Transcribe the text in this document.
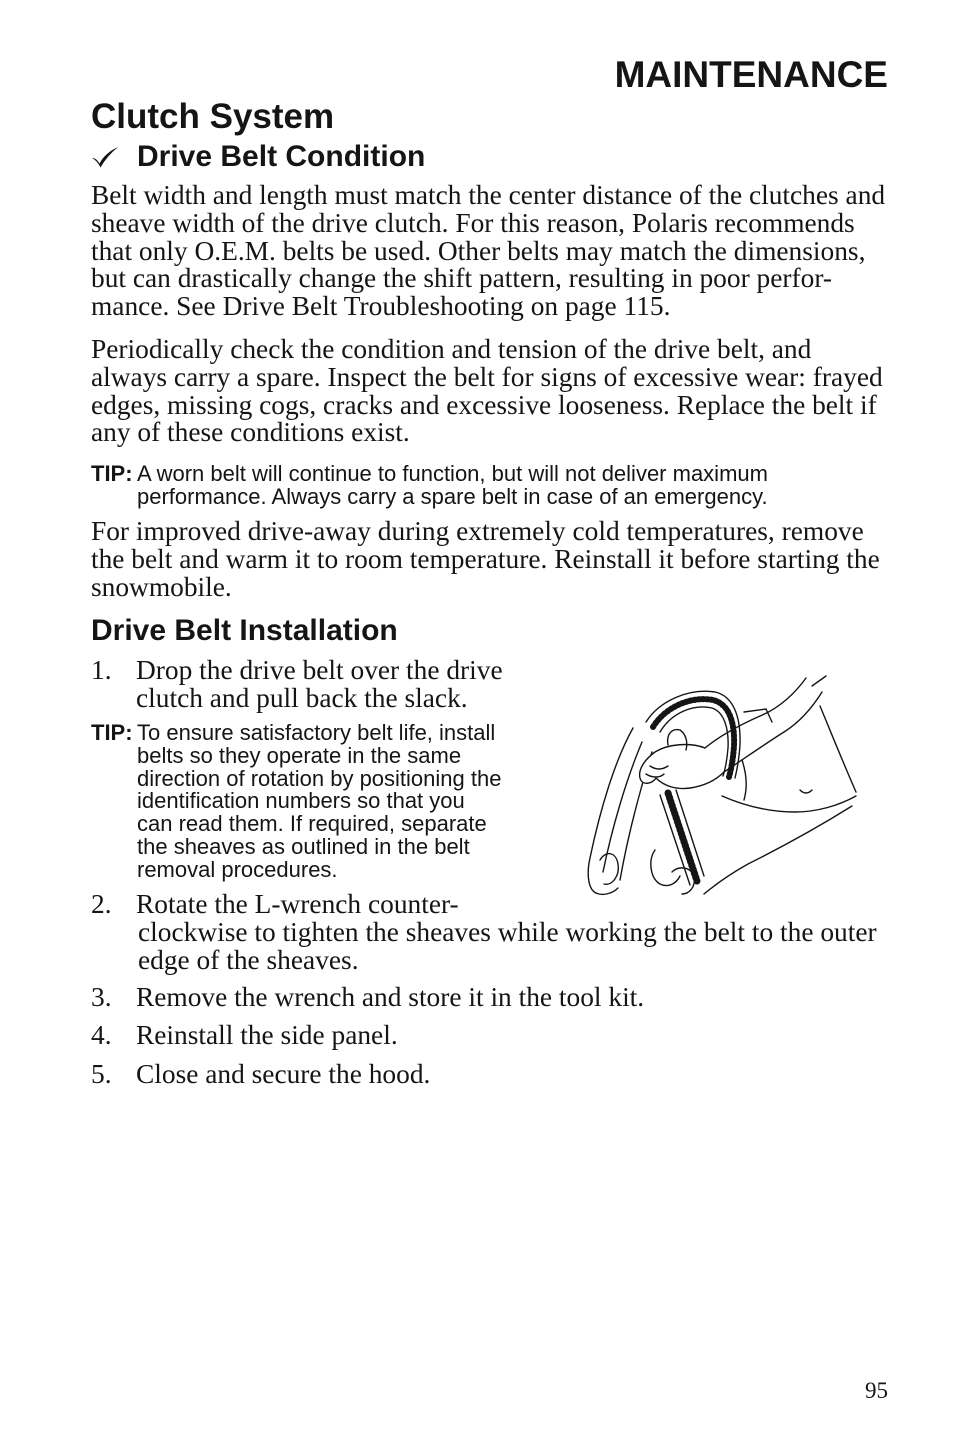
MAINTENANCE
Clutch System
Drive Belt Condition
Belt width and length must match the center distance of the clutches and
sheave width of the drive clutch. For this reason, Polaris recommends
that only O.E.M. belts be used. Other belts may match the dimensions,
but can drastically change the shift pattern, resulting in poor perfor-
mance. See Drive Belt Troubleshooting on page 115.
Periodically check the condition and tension of the drive belt, and
always carry a spare. Inspect the belt for signs of excessive wear: frayed
edges, missing cogs, cracks and excessive looseness. Replace the belt if
any of these conditions exist.
TIP: A worn belt will continue to function, but will not deliver maximum
performance. Always carry a spare belt in case of an emergency.
For improved drive-away during extremely cold temperatures, remove
the belt and warm it to room temperature. Reinstall it before starting the
snowmobile.
Drive Belt Installation
1. Drop the drive belt over the drive
clutch and pull back the slack.
TIP: To ensure satisfactory belt life, install
belts so they operate in the same
direction of rotation by positioning the
identification numbers so that you
can read them. If required, separate
the sheaves as outlined in the belt
removal procedures.
2. Rotate the L-wrench counter-
clockwise to tighten the sheaves while working the belt to the outer
edge of the sheaves.
3. Remove the wrench and store it in the tool kit.
4. Reinstall the side panel.
5. Close and secure the hood.
95
